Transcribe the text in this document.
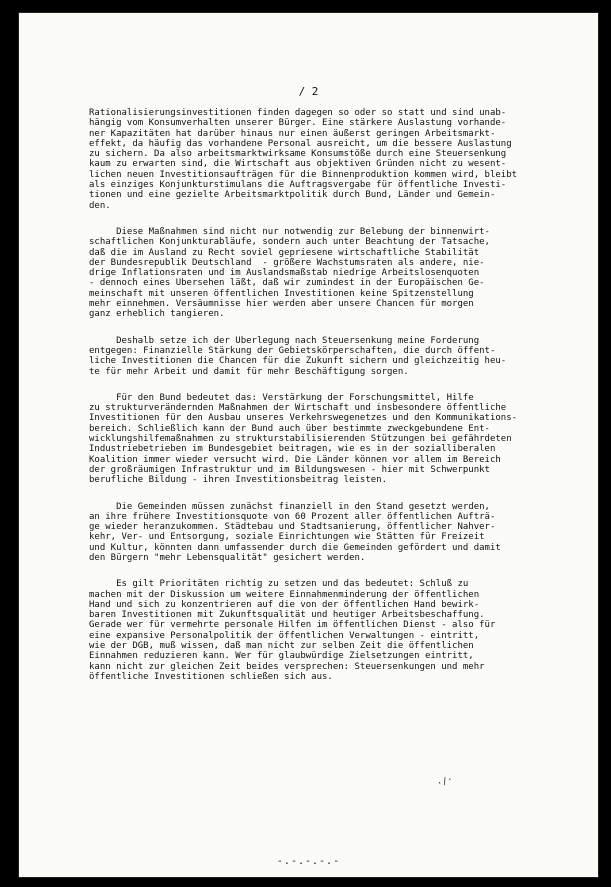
/ 2
Rationalisierungsinvestitionen finden dagegen so oder so statt und sind unab-
hängig vom Konsumverhalten unserer Bürger. Eine stärkere Auslastung vorhande-
ner Kapazitäten hat darüber hinaus nur einen äußerst geringen Arbeitsmarkt-
effekt, da häufig das vorhandene Personal ausreicht, um die bessere Auslastung
zu sichern. Da also arbeitsmarktwirksame Konsumstöße durch eine Steuersenkung
kaum zu erwarten sind, die Wirtschaft aus objektiven Gründen nicht zu wesent-
lichen neuen Investitionsaufträgen für die Binnenproduktion kommen wird, bleibt
als einziges Konjunkturstimulans die Auftragsvergabe für öffentliche Investi-
tionen und eine gezielte Arbeitsmarktpolitik durch Bund, Länder und Gemein-
den.
Diese Maßnahmen sind nicht nur notwendig zur Belebung der binnenwirt-
schaftlichen Konjunkturabläufe, sondern auch unter Beachtung der Tatsache,
daß die im Ausland zu Recht soviel gepriesene wirtschaftliche Stabilität
der Bundesrepublik Deutschland  - größere Wachstumsraten als andere, nie-
drige Inflationsraten und im Auslandsmaßstab niedrige Arbeitslosenquoten
- dennoch eines Übersehen läßt, daß wir zumindest in der Europäischen Ge-
meinschaft mit unseren öffentlichen Investitionen keine Spitzenstellung
mehr einnehmen. Versäumnisse hier werden aber unsere Chancen für morgen
ganz erheblich tangieren.
Deshalb setze ich der Überlegung nach Steuersenkung meine Forderung
entgegen: Finanzielle Stärkung der Gebietskörperschaften, die durch öffent-
liche Investitionen die Chancen für die Zukunft sichern und gleichzeitig heu-
te für mehr Arbeit und damit für mehr Beschäftigung sorgen.
Für den Bund bedeutet das: Verstärkung der Forschungsmittel, Hilfe
zu strukturverändernden Maßnahmen der Wirtschaft und insbesondere öffentliche
Investitionen für den Ausbau unseres Verkehrswegenetzes und den Kommunikations-
bereich. Schließlich kann der Bund auch über bestimmte zweckgebundene Ent-
wicklungshilfemaßnahmen zu strukturstabilisierenden Stützungen bei gefährdeten
Industriebetrieben im Bundesgebiet beitragen, wie es in der sozialliberalen
Koalition immer wieder versucht wird. Die Länder können vor allem im Bereich
der großräumigen Infrastruktur und im Bildungswesen - hier mit Schwerpunkt
berufliche Bildung - ihren Investitionsbeitrag leisten.
Die Gemeinden müssen zunächst finanziell in den Stand gesetzt werden,
an ihre frühere Investitionsquote von 60 Prozent aller öffentlichen Aufträ-
ge wieder heranzukommen. Städtebau und Stadtsanierung, öffentlicher Nahver-
kehr, Ver- und Entsorgung, soziale Einrichtungen wie Stätten für Freizeit
und Kultur, könnten dann umfassender durch die Gemeinden gefördert und damit
den Bürgern "mehr Lebensqualität" gesichert werden.
Es gilt Prioritäten richtig zu setzen und das bedeutet: Schluß zu
machen mit der Diskussion um weitere Einnahmenminderung der öffentlichen
Hand und sich zu konzentrieren auf die von der öffentlichen Hand bewirk-
baren Investitionen mit Zukunftsqualität und heutiger Arbeitsbeschaffung.
Gerade wer für vermehrte personale Hilfen im öffentlichen Dienst - also für
eine expansive Personalpolitik der öffentlichen Verwaltungen - eintritt,
wie der DGB, muß wissen, daß man nicht zur selben Zeit die öffentlichen
Einnahmen reduzieren kann. Wer für glaubwürdige Zielsetzungen eintritt,
kann nicht zur gleichen Zeit beides versprechen: Steuersenkungen und mehr
öffentliche Investitionen schließen sich aus.
·/·
-.-.-.-.-
